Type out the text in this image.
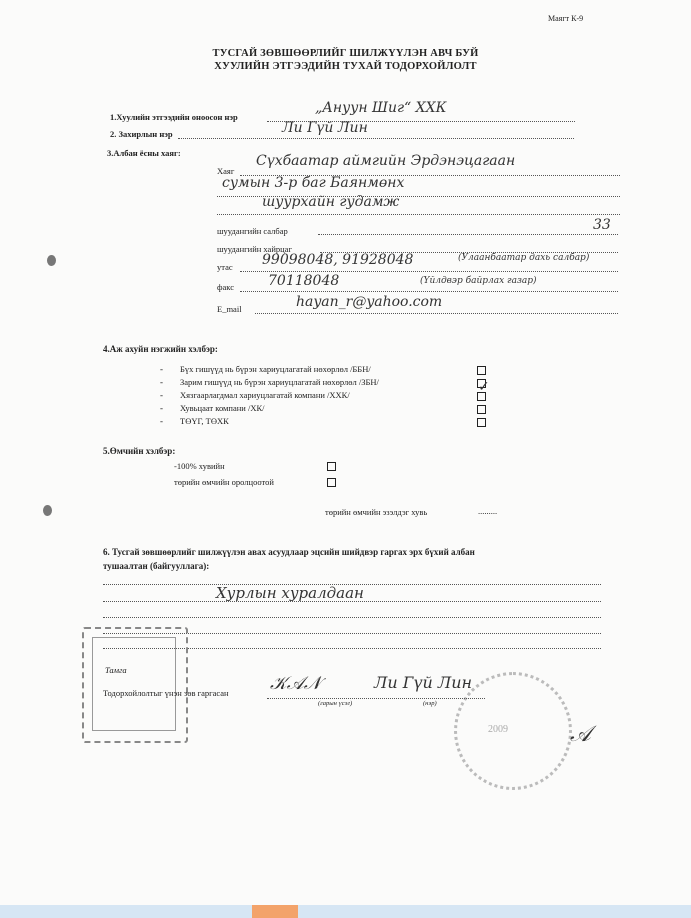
Маягт К-9
ТУСГАЙ ЗӨВШӨӨРЛИЙГ ШИЛЖҮҮЛЭН АВЧ БУЙ
ХУУЛИЙН ЭТГЭЭДИЙН ТУХАЙ ТОДОРХОЙЛОЛТ
1.Хуулийн этгээдийн оноосон нэр
„Ануун Шиг“ ХХК
2. Захирлын нэр	Ли Гүй Лин
3.Албан ёсны хаяг:
Хаяг
Сүхбаатар аймгийн Эрдэнэцагаан
сумын 3-р баг Баянмөнх
шуурхайн гудамж
шуудангийн салбар	33
шуудангийн хайрцаг
утас 99098048, 91928048	(Улаанбаатар дахь салбар)
факс 70118048	(Үйлдвэр байрлах газар)
E_mail	hayan_r@yahoo.com
4.Аж ахуйн нэгжийн хэлбэр:
- Бүх гишүүд нь бүрэн хариуцлагатай нөхөрлөл /ББН/
- Зарим гишүүд нь бүрэн хариуцлагатай нөхөрлөл /ЗБН/
- Хязгаарлагдмал хариуцлагатай компани /ХХК/	✓
- Хувьцаат компани /ХК/
- ТӨҮГ, ТӨХК
5.Өмчийн хэлбэр:
-100% хувийн
төрийн өмчийн оролцоотой
төрийн өмчийн эзэлдэг хувь	.........
6. Тусгай зөвшөөрлийг шилжүүлэн авах асуудлаар эцсийн шийдвэр гаргах эрх бүхий албан
тушаалтан (байгууллага):
Хурлын хуралдаан
Тамга
2009
Тодорхойлолтыг үнэн зөв гаргасан 𝒦𝒜𝒩	Ли Гүй Лин
(гарын үсэг)	(нэр)
𝒜
